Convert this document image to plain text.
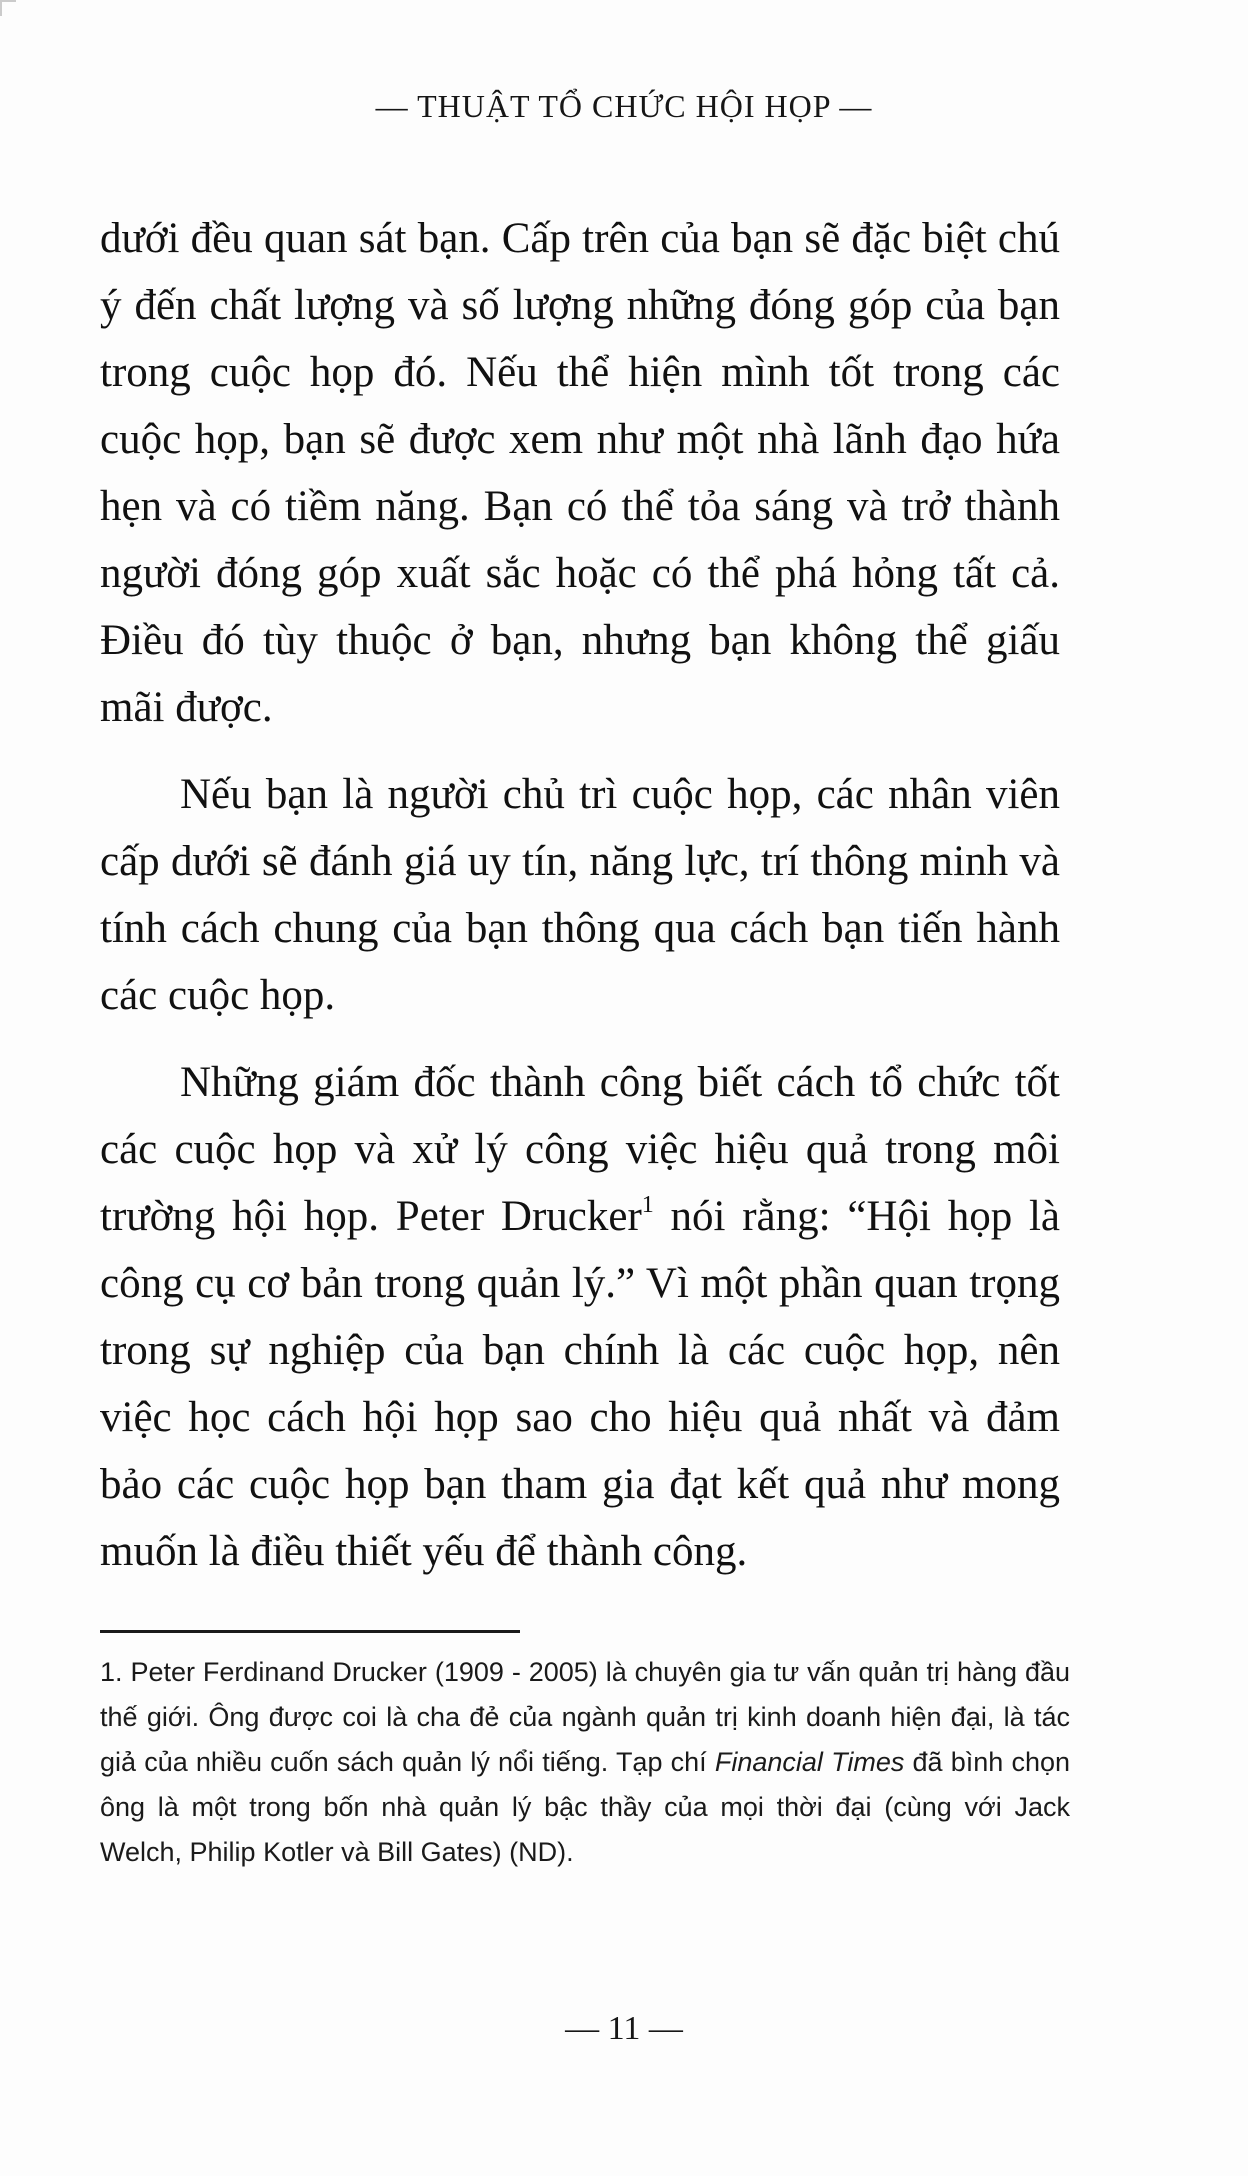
— THUẬT TỔ CHỨC HỘI HỌP —

dưới đều quan sát bạn. Cấp trên của bạn sẽ đặc biệt chú ý đến chất lượng và số lượng những đóng góp của bạn trong cuộc họp đó. Nếu thể hiện mình tốt trong các cuộc họp, bạn sẽ được xem như một nhà lãnh đạo hứa hẹn và có tiềm năng. Bạn có thể tỏa sáng và trở thành người đóng góp xuất sắc hoặc có thể phá hỏng tất cả. Điều đó tùy thuộc ở bạn, nhưng bạn không thể giấu mãi được.

Nếu bạn là người chủ trì cuộc họp, các nhân viên cấp dưới sẽ đánh giá uy tín, năng lực, trí thông minh và tính cách chung của bạn thông qua cách bạn tiến hành các cuộc họp.

Những giám đốc thành công biết cách tổ chức tốt các cuộc họp và xử lý công việc hiệu quả trong môi trường hội họp. Peter Drucker$^1$ nói rằng: “Hội họp là công cụ cơ bản trong quản lý.” Vì một phần quan trọng trong sự nghiệp của bạn chính là các cuộc họp, nên việc học cách hội họp sao cho hiệu quả nhất và đảm bảo các cuộc họp bạn tham gia đạt kết quả như mong muốn là điều thiết yếu để thành công.

1. Peter Ferdinand Drucker (1909 - 2005) là chuyên gia tư vấn quản trị hàng đầu thế giới. Ông được coi là cha đẻ của ngành quản trị kinh doanh hiện đại, là tác giả của nhiều cuốn sách quản lý nổi tiếng. Tạp chí Financial Times đã bình chọn ông là một trong bốn nhà quản lý bậc thầy của mọi thời đại (cùng với Jack Welch, Philip Kotler và Bill Gates) (ND).
— 11 —
